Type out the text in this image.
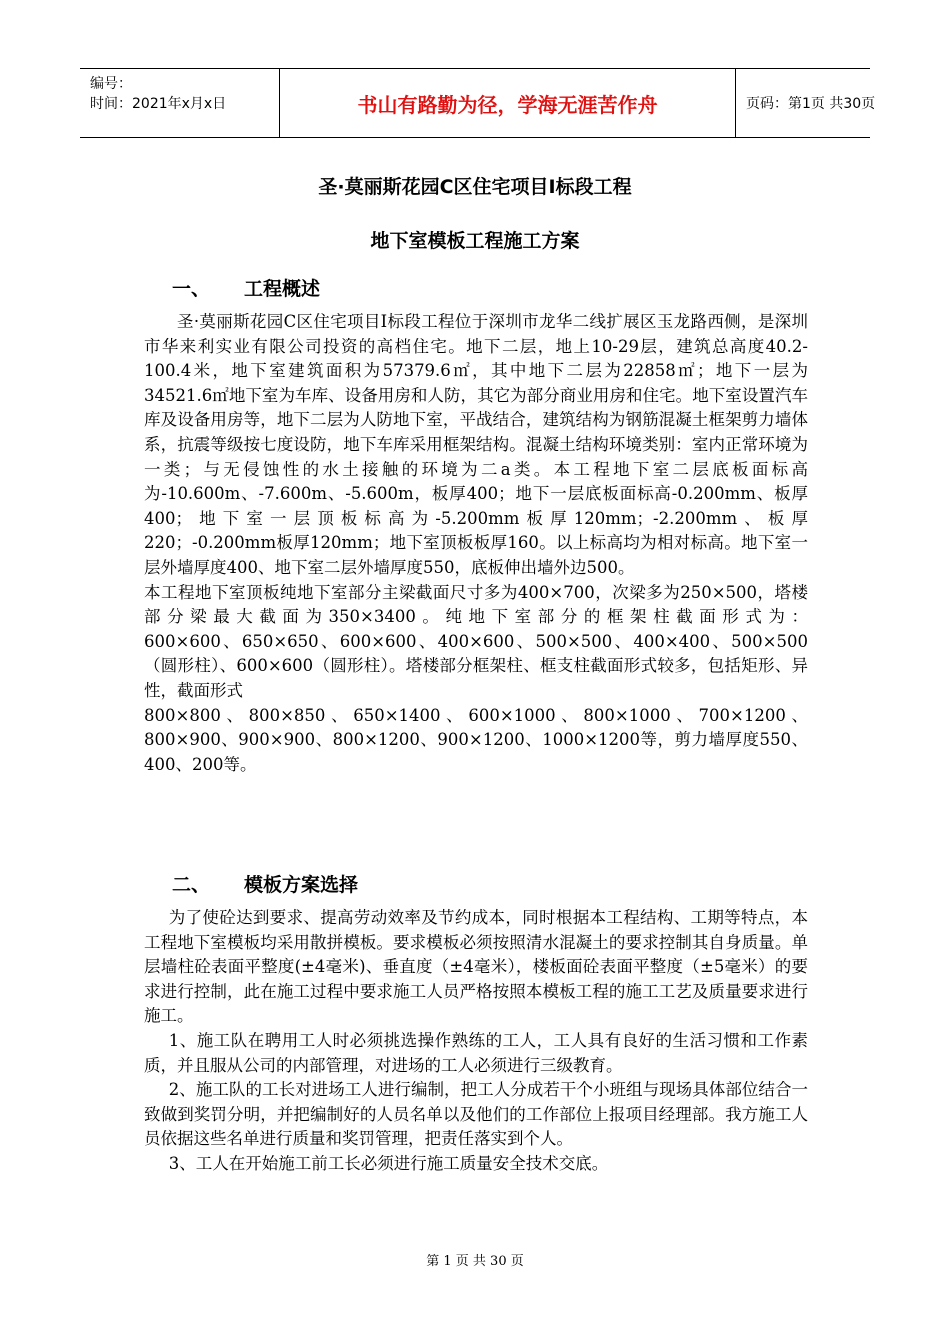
编号：
时间：2021年x月x日	书山有路勤为径，学海无涯苦作舟	页码：第1页 共30页
圣·莫丽斯花园C区住宅项目Ⅰ标段工程
地下室模板工程施工方案
一、 工程概述

圣·莫丽斯花园C区住宅项目Ⅰ标段工程位于深圳市龙华二线扩展区玉龙路西侧，是深圳市华来利实业有限公司投资的高档住宅。地下二层，地上10-29层，建筑总高度40.2-100.4米，地下室建筑面积为57379.6㎡，其中地下二层为22858㎡；地下一层为34521.6㎡地下室为车库、设备用房和人防，其它为部分商业用房和住宅。地下室设置汽车库及设备用房等，地下二层为人防地下室，平战结合，建筑结构为钢筋混凝土框架剪力墙体系，抗震等级按七度设防，地下车库采用框架结构。混凝土结构环境类别：室内正常环境为一类；与无侵蚀性的水土接触的环境为二a类。本工程地下室二层底板面标高为-10.600m、-7.600m、-5.600m，板厚400；地下一层底板面标高-0.200mm、板厚400；地下室一层顶板标高为-5.200mm板厚120mm；-2.200mm、板厚220；-0.200mm板厚120mm；地下室顶板板厚160。以上标高均为相对标高。地下室一层外墙厚度400、地下室二层外墙厚度550，底板伸出墙外边500。

本工程地下室顶板纯地下室部分主梁截面尺寸多为400×700，次梁多为250×500，塔楼部分梁最大截面为350×3400。纯地下室部分的框架柱截面形式为：

600×600、650×650、600×600、400×600、500×500、400×400、500×500（圆形柱）、600×600（圆形柱）。塔楼部分框架柱、框支柱截面形式较多，包括矩形、异性，截面形式

800×800、800×850、650×1400、600×1000、800×1000、700×1200、800×900、900×900、800×1200、900×1200、1000×1200等，剪力墙厚度550、400、200等。

二、 模板方案选择

为了使砼达到要求、提高劳动效率及节约成本，同时根据本工程结构、工期等特点，本工程地下室模板均采用散拼模板。要求模板必须按照清水混凝土的要求控制其自身质量。单层墙柱砼表面平整度(±4毫米)、垂直度（±4毫米），楼板面砼表面平整度（±5毫米）的要求进行控制，此在施工过程中要求施工人员严格按照本模板工程的施工工艺及质量要求进行施工。

1、施工队在聘用工人时必须挑选操作熟练的工人，工人具有良好的生活习惯和工作素质，并且服从公司的内部管理，对进场的工人必须进行三级教育。

2、施工队的工长对进场工人进行编制，把工人分成若干个小班组与现场具体部位结合一致做到奖罚分明，并把编制好的人员名单以及他们的工作部位上报项目经理部。我方施工人员依据这些名单进行质量和奖罚管理，把责任落实到个人。

3、工人在开始施工前工长必须进行施工质量安全技术交底。

第 1 页 共 30 页
